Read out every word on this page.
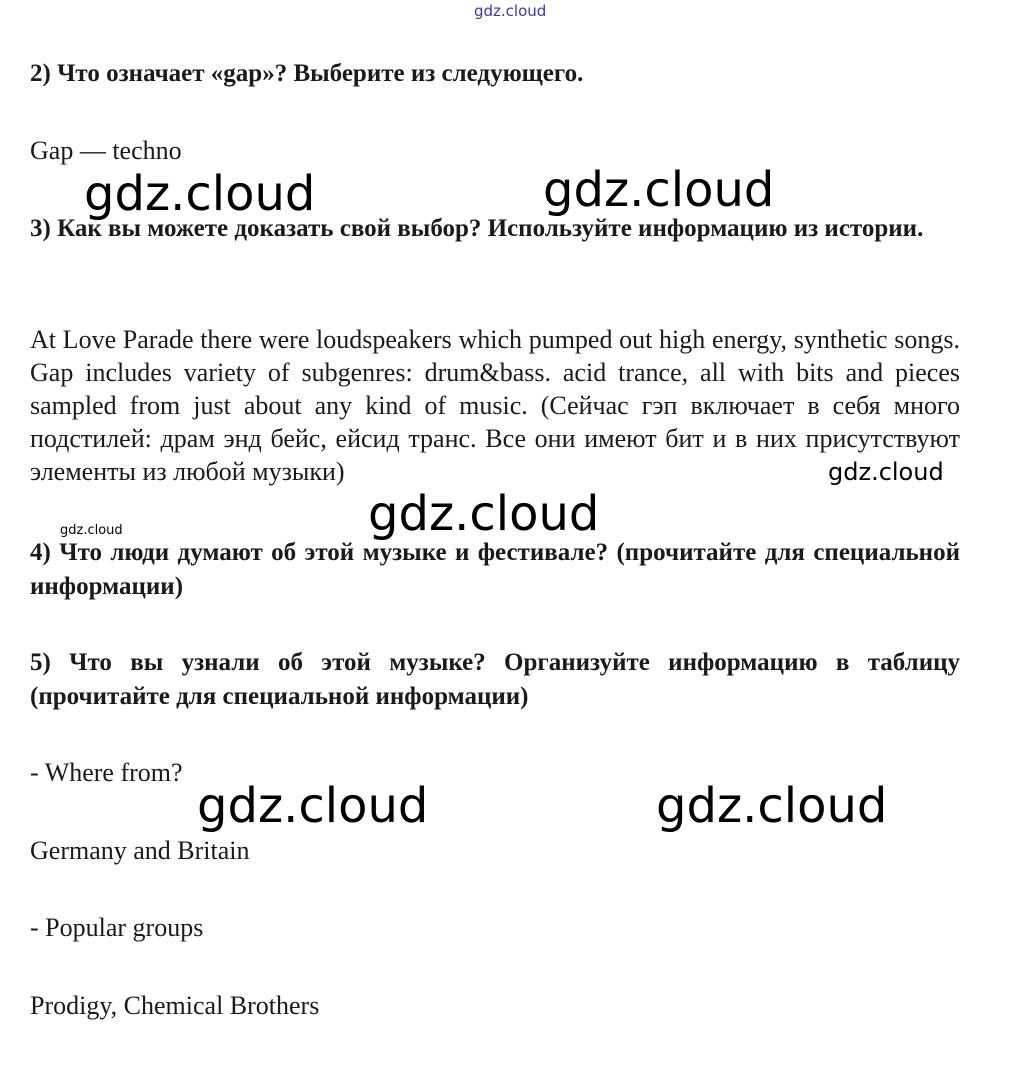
gdz.cloud
2) Что означает «gap»? Выберите из следующего.
Gap — techno
gdz.cloud	gdz.cloud
3) Как вы можете доказать свой выбор? Используйте информацию из истории.
At Love Parade there were loudspeakers which pumped out high energy, synthetic songs. Gap includes variety of subgenres: drum&bass. acid trance, all with bits and pieces sampled from just about any kind of music. (Сейчас гэп включает в себя много подстилей: драм энд бейс, ейсид транс. Все они имеют бит и в них присутствуют элементы из любой музыки)	gdz.cloud
gdz.cloud
gdz.cloud
4) Что люди думают об этой музыке и фестивале? (прочитайте для специальной информации)
5) Что вы узнали об этой музыке? Организуйте информацию в таблицу (прочитайте для специальной информации)
- Where from?
gdz.cloud	gdz.cloud
Germany and Britain
- Popular groups
Prodigy, Chemical Brothers
